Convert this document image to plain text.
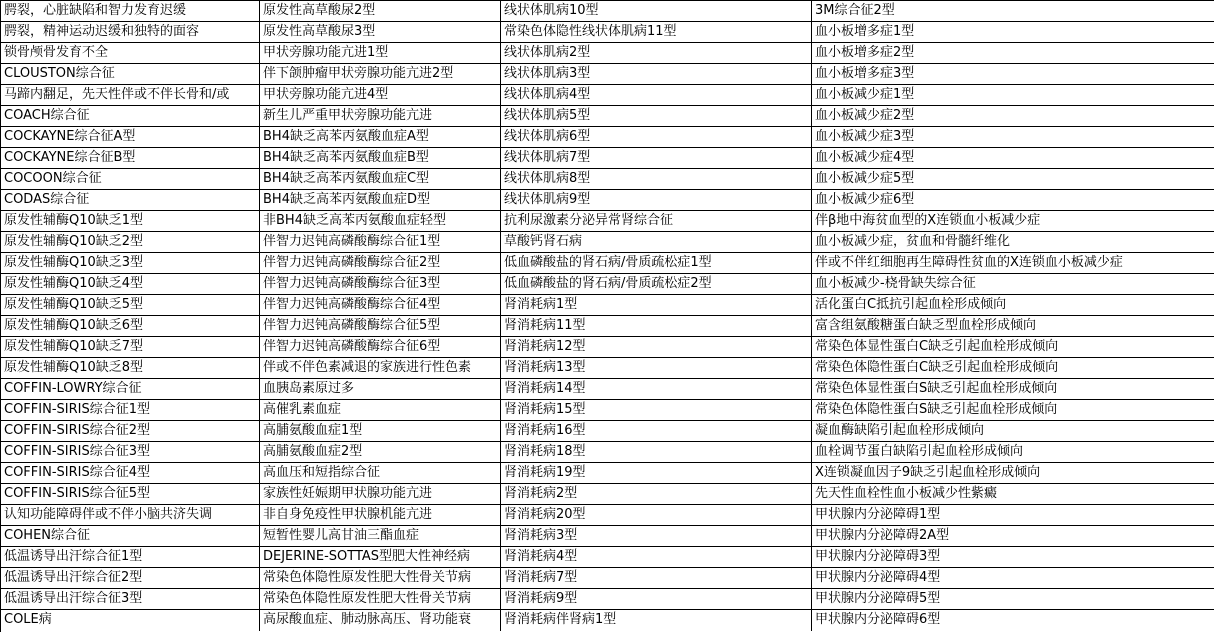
腭裂，心脏缺陷和智力发育迟缓	原发性高草酸尿2型	线状体肌病10型	3M综合征2型
腭裂，精神运动迟缓和独特的面容	原发性高草酸尿3型	常染色体隐性线状体肌病11型	血小板增多症1型
锁骨颅骨发育不全	甲状旁腺功能亢进1型	线状体肌病2型	血小板增多症2型
CLOUSTON综合征	伴下颌肿瘤甲状旁腺功能亢进2型	线状体肌病3型	血小板增多症3型
马蹄内翻足，先天性伴或不伴长骨和/或	甲状旁腺功能亢进4型	线状体肌病4型	血小板减少症1型
COACH综合征	新生儿严重甲状旁腺功能亢进	线状体肌病5型	血小板减少症2型
COCKAYNE综合征A型	BH4缺乏高苯丙氨酸血症A型	线状体肌病6型	血小板减少症3型
COCKAYNE综合征B型	BH4缺乏高苯丙氨酸血症B型	线状体肌病7型	血小板减少症4型
COCOON综合征	BH4缺乏高苯丙氨酸血症C型	线状体肌病8型	血小板减少症5型
CODAS综合征	BH4缺乏高苯丙氨酸血症D型	线状体肌病9型	血小板减少症6型
原发性辅酶Q10缺乏1型	非BH4缺乏高苯丙氨酸血症轻型	抗利尿激素分泌异常肾综合征	伴β地中海贫血型的X连锁血小板减少症
原发性辅酶Q10缺乏2型	伴智力迟钝高磷酸酶综合征1型	草酸钙肾石病	血小板减少症，贫血和骨髓纤维化
原发性辅酶Q10缺乏3型	伴智力迟钝高磷酸酶综合征2型	低血磷酸盐的肾石病/骨质疏松症1型	伴或不伴红细胞再生障碍性贫血的X连锁血小板减少症
原发性辅酶Q10缺乏4型	伴智力迟钝高磷酸酶综合征3型	低血磷酸盐的肾石病/骨质疏松症2型	血小板减少-桡骨缺失综合征
原发性辅酶Q10缺乏5型	伴智力迟钝高磷酸酶综合征4型	肾消耗病1型	活化蛋白C抵抗引起血栓形成倾向
原发性辅酶Q10缺乏6型	伴智力迟钝高磷酸酶综合征5型	肾消耗病11型	富含组氨酸糖蛋白缺乏型血栓形成倾向
原发性辅酶Q10缺乏7型	伴智力迟钝高磷酸酶综合征6型	肾消耗病12型	常染色体显性蛋白C缺乏引起血栓形成倾向
原发性辅酶Q10缺乏8型	伴或不伴色素减退的家族进行性色素	肾消耗病13型	常染色体隐性蛋白C缺乏引起血栓形成倾向
COFFIN-LOWRY综合征	血胰岛素原过多	肾消耗病14型	常染色体显性蛋白S缺乏引起血栓形成倾向
COFFIN-SIRIS综合征1型	高催乳素血症	肾消耗病15型	常染色体隐性蛋白S缺乏引起血栓形成倾向
COFFIN-SIRIS综合征2型	高脯氨酸血症1型	肾消耗病16型	凝血酶缺陷引起血栓形成倾向
COFFIN-SIRIS综合征3型	高脯氨酸血症2型	肾消耗病18型	血栓调节蛋白缺陷引起血栓形成倾向
COFFIN-SIRIS综合征4型	高血压和短指综合征	肾消耗病19型	X连锁凝血因子9缺乏引起血栓形成倾向
COFFIN-SIRIS综合征5型	家族性妊娠期甲状腺功能亢进	肾消耗病2型	先天性血栓性血小板减少性紫癜
认知功能障碍伴或不伴小脑共济失调	非自身免疫性甲状腺机能亢进	肾消耗病20型	甲状腺内分泌障碍1型
COHEN综合征	短暂性婴儿高甘油三酯血症	肾消耗病3型	甲状腺内分泌障碍2A型
低温诱导出汗综合征1型	DEJERINE-SOTTAS型肥大性神经病	肾消耗病4型	甲状腺内分泌障碍3型
低温诱导出汗综合征2型	常染色体隐性原发性肥大性骨关节病	肾消耗病7型	甲状腺内分泌障碍4型
低温诱导出汗综合征3型	常染色体隐性原发性肥大性骨关节病	肾消耗病9型	甲状腺内分泌障碍5型
COLE病	高尿酸血症、肺动脉高压、肾功能衰	肾消耗病伴肾病1型	甲状腺内分泌障碍6型
